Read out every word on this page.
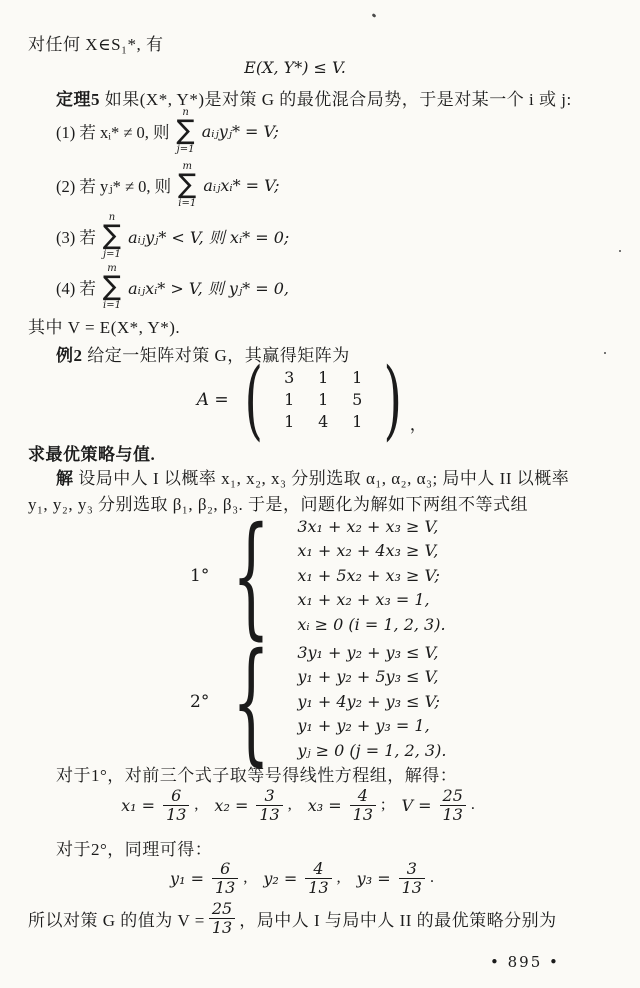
对任何 X∈S₁*, 有
E(X, Y*) ≤ V.
定理5 如果(X*, Y*)是对策 G 的最优混合局势，于是对某一个 i 或 j:
(1) 若 xᵢ* ≠ 0, 则
n
∑
j=1
aᵢⱼyⱼ* = V;
(2) 若 yⱼ* ≠ 0, 则
m
∑
i=1
aᵢⱼxᵢ* = V;
(3) 若
n
∑
j=1
aᵢⱼyⱼ* < V, 则 xᵢ* = 0;
(4) 若
m
∑
i=1
aᵢⱼxᵢ* > V, 则 yⱼ* = 0,
其中 V = E(X*, Y*).
例2 给定一矩阵对策 G，其赢得矩阵为
A = (	3	1	1
1	1	5
1	4	1 ) ，
求最优策略与值.
解 设局中人 I 以概率 x₁, x₂, x₃ 分别选取 α₁, α₂, α₃; 局中人 II 以概率
y₁, y₂, y₃ 分别选取 β₁, β₂, β₃. 于是，问题化为解如下两组不等式组
1° { 3x₁ + x₂ + x₃ ≥ V,
x₁ + x₂ + 4x₃ ≥ V,
x₁ + 5x₂ + x₃ ≥ V;
x₁ + x₂ + x₃ = 1,
xᵢ ≥ 0 (i = 1, 2, 3).
2° { 3y₁ + y₂ + y₃ ≤ V,
y₁ + y₂ + 5y₃ ≤ V,
y₁ + 4y₂ + y₃ ≤ V;
y₁ + y₂ + y₃ = 1,
yⱼ ≥ 0 (j = 1, 2, 3).
对于1°，对前三个式子取等号得线性方程组，解得：
$x_1 = \frac{6}{13}$ , $x_2 = \frac{3}{13}$ , $x_3 = \frac{4}{13}$ ; $V = \frac{25}{13}$ .
对于2°，同理可得：
$y_1 = \frac{6}{13}$ , $y_2 = \frac{4}{13}$ , $y_3 = \frac{3}{13}$ .
所以对策 G 的值为 $V = \frac{25}{13}$ ，局中人 I 与局中人 II 的最优策略分别为
• 895 •
